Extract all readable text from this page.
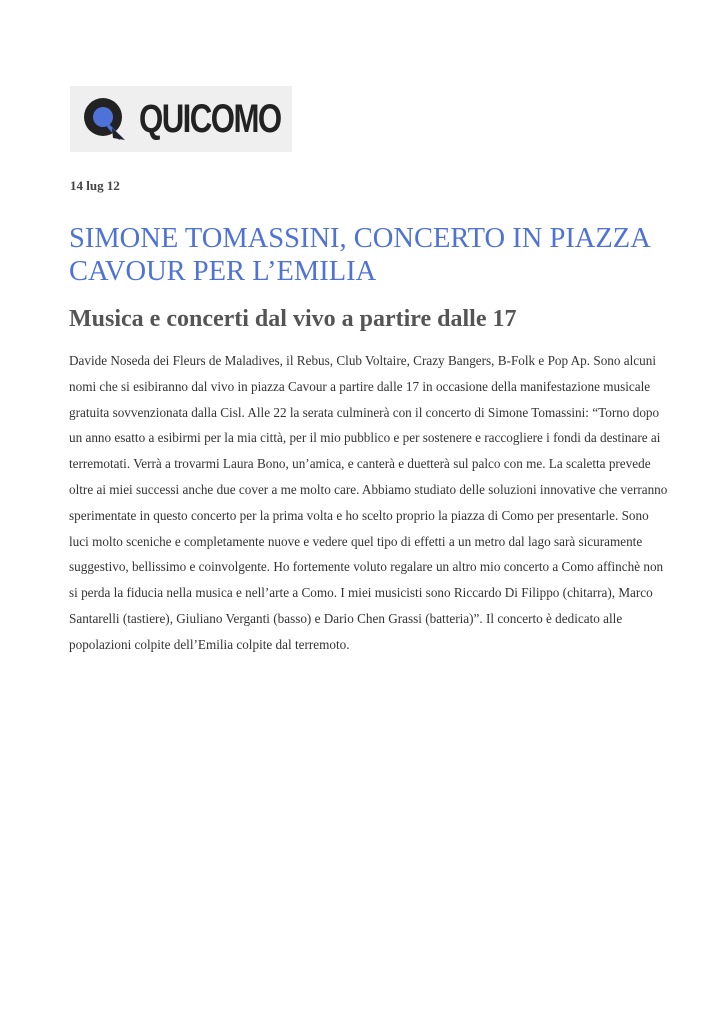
QUICOMO
14 lug 12
SIMONE TOMASSINI, CONCERTO IN PIAZZA CAVOUR PER L’EMILIA
Musica e concerti dal vivo a partire dalle 17

Davide Noseda dei Fleurs de Maladives, il Rebus, Club Voltaire, Crazy Bangers, B-Folk e Pop Ap. Sono alcuni nomi che si esibiranno dal vivo in piazza Cavour a partire dalle 17 in occasione della manifestazione musicale gratuita sovvenzionata dalla Cisl. Alle 22 la serata culminerà con il concerto di Simone Tomassini: “Torno dopo un anno esatto a esibirmi per la mia città, per il mio pubblico e per sostenere e raccogliere i fondi da destinare ai terremotati. Verrà a trovarmi Laura Bono, un’amica, e canterà e duetterà sul palco con me. La scaletta prevede oltre ai miei successi anche due cover a me molto care. Abbiamo studiato delle soluzioni innovative che verranno sperimentate in questo concerto per la prima volta e ho scelto proprio la piazza di Como per presentarle. Sono luci molto sceniche e completamente nuove e vedere quel tipo di effetti a un metro dal lago sarà sicuramente suggestivo, bellissimo e coinvolgente. Ho fortemente voluto regalare un altro mio concerto a Como affinchè non si perda la fiducia nella musica e nell’arte a Como. I miei musicisti sono Riccardo Di Filippo (chitarra), Marco Santarelli (tastiere), Giuliano Verganti (basso) e Dario Chen Grassi (batteria)”. Il concerto è dedicato alle popolazioni colpite dell’Emilia colpite dal terremoto.
